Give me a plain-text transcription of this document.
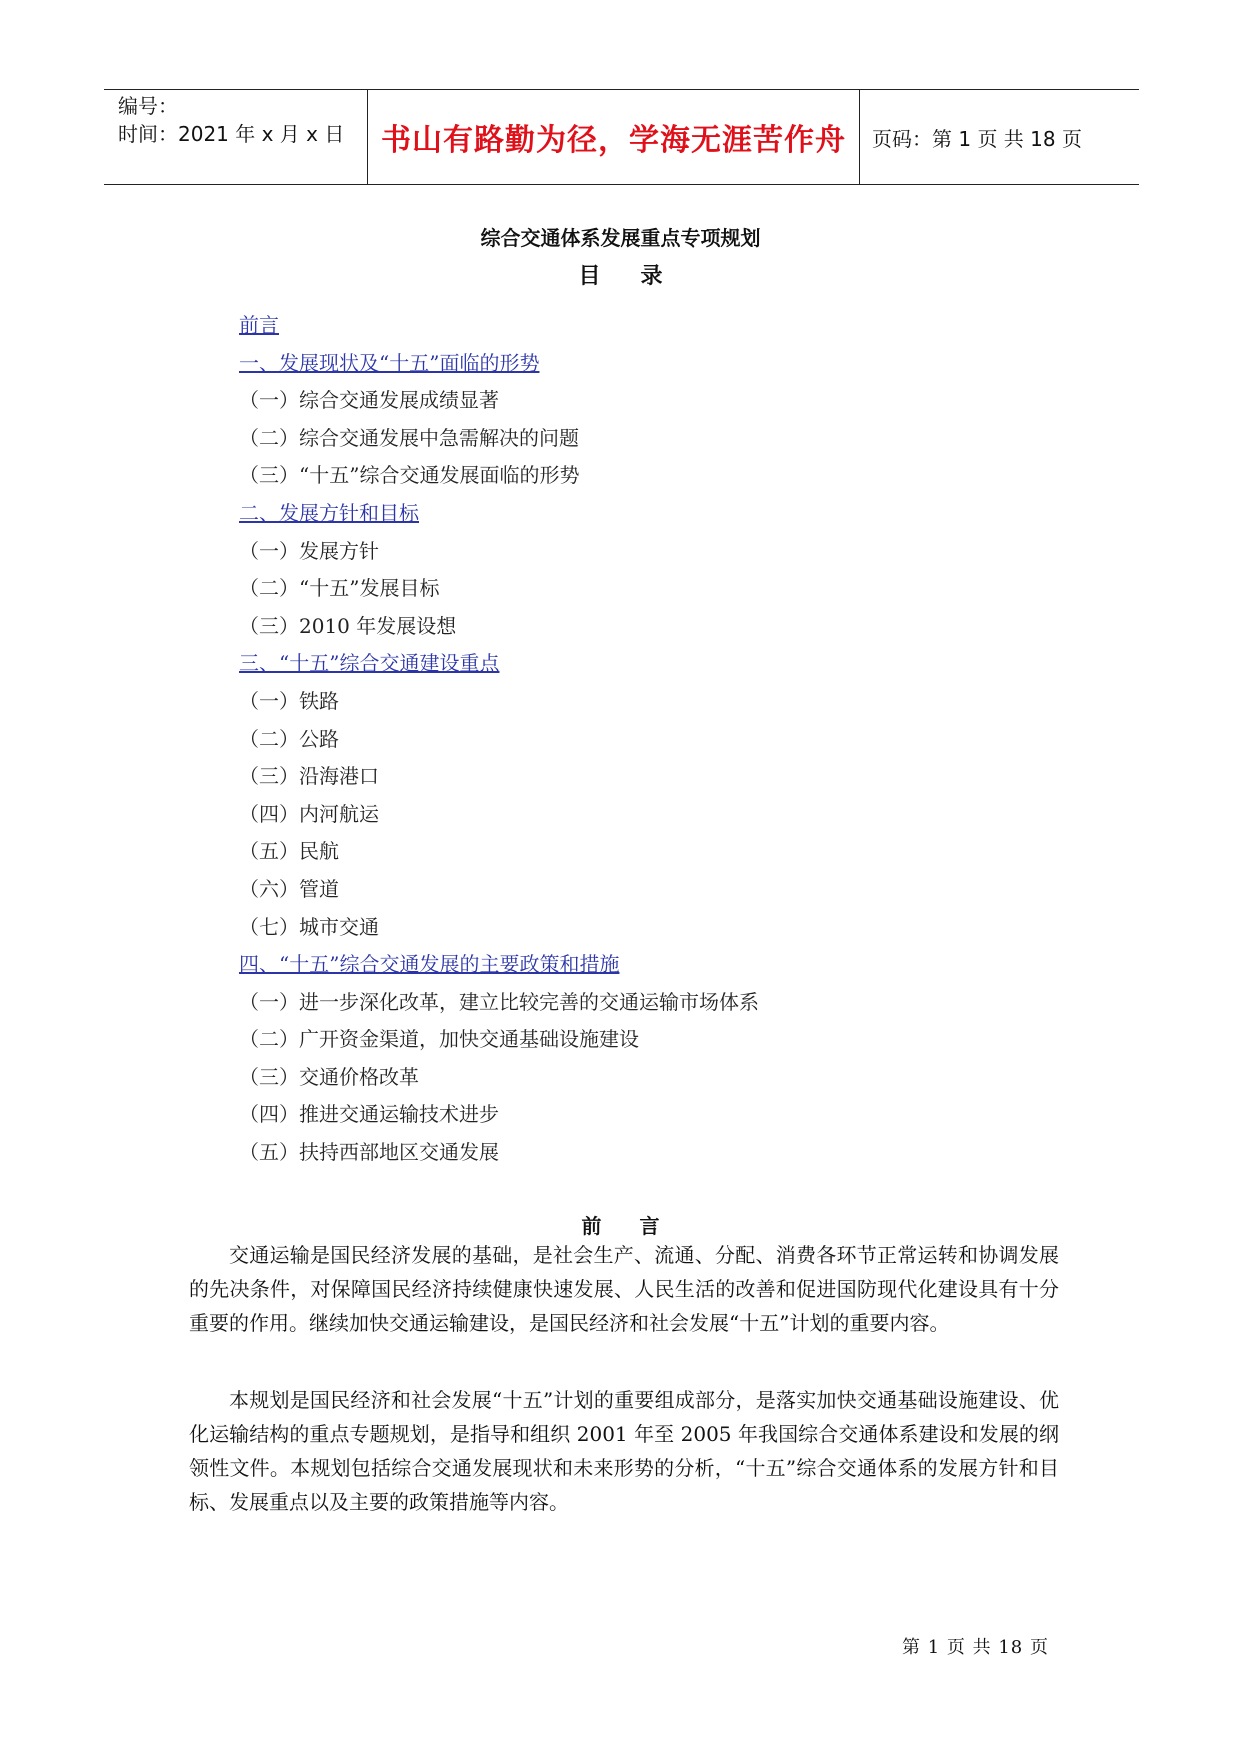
编号：
时间：2021 年 x 月 x 日	书山有路勤为径，学海无涯苦作舟	页码：第 1 页 共 18 页
综合交通体系发展重点专项规划
目录
前言
一、发展现状及“十五”面临的形势
（一）综合交通发展成绩显著
（二）综合交通发展中急需解决的问题
（三）“十五”综合交通发展面临的形势
二、发展方针和目标
（一）发展方针
（二）“十五”发展目标
（三）2010 年发展设想
三、“十五”综合交通建设重点
（一）铁路
（二）公路
（三）沿海港口
（四）内河航运
（五）民航
（六）管道
（七）城市交通
四、“十五”综合交通发展的主要政策和措施
（一）进一步深化改革，建立比较完善的交通运输市场体系
（二）广开资金渠道，加快交通基础设施建设
（三）交通价格改革
（四）推进交通运输技术进步
（五）扶持西部地区交通发展
前言

交通运输是国民经济发展的基础，是社会生产、流通、分配、消费各环节正常运转和协调发展的先决条件，对保障国民经济持续健康快速发展、人民生活的改善和促进国防现代化建设具有十分重要的作用。继续加快交通运输建设，是国民经济和社会发展“十五”计划的重要内容。

本规划是国民经济和社会发展“十五”计划的重要组成部分，是落实加快交通基础设施建设、优化运输结构的重点专题规划，是指导和组织 2001 年至 2005 年我国综合交通体系建设和发展的纲领性文件。本规划包括综合交通发展现状和未来形势的分析，“十五”综合交通体系的发展方针和目标、发展重点以及主要的政策措施等内容。

第 1 页 共 18 页
